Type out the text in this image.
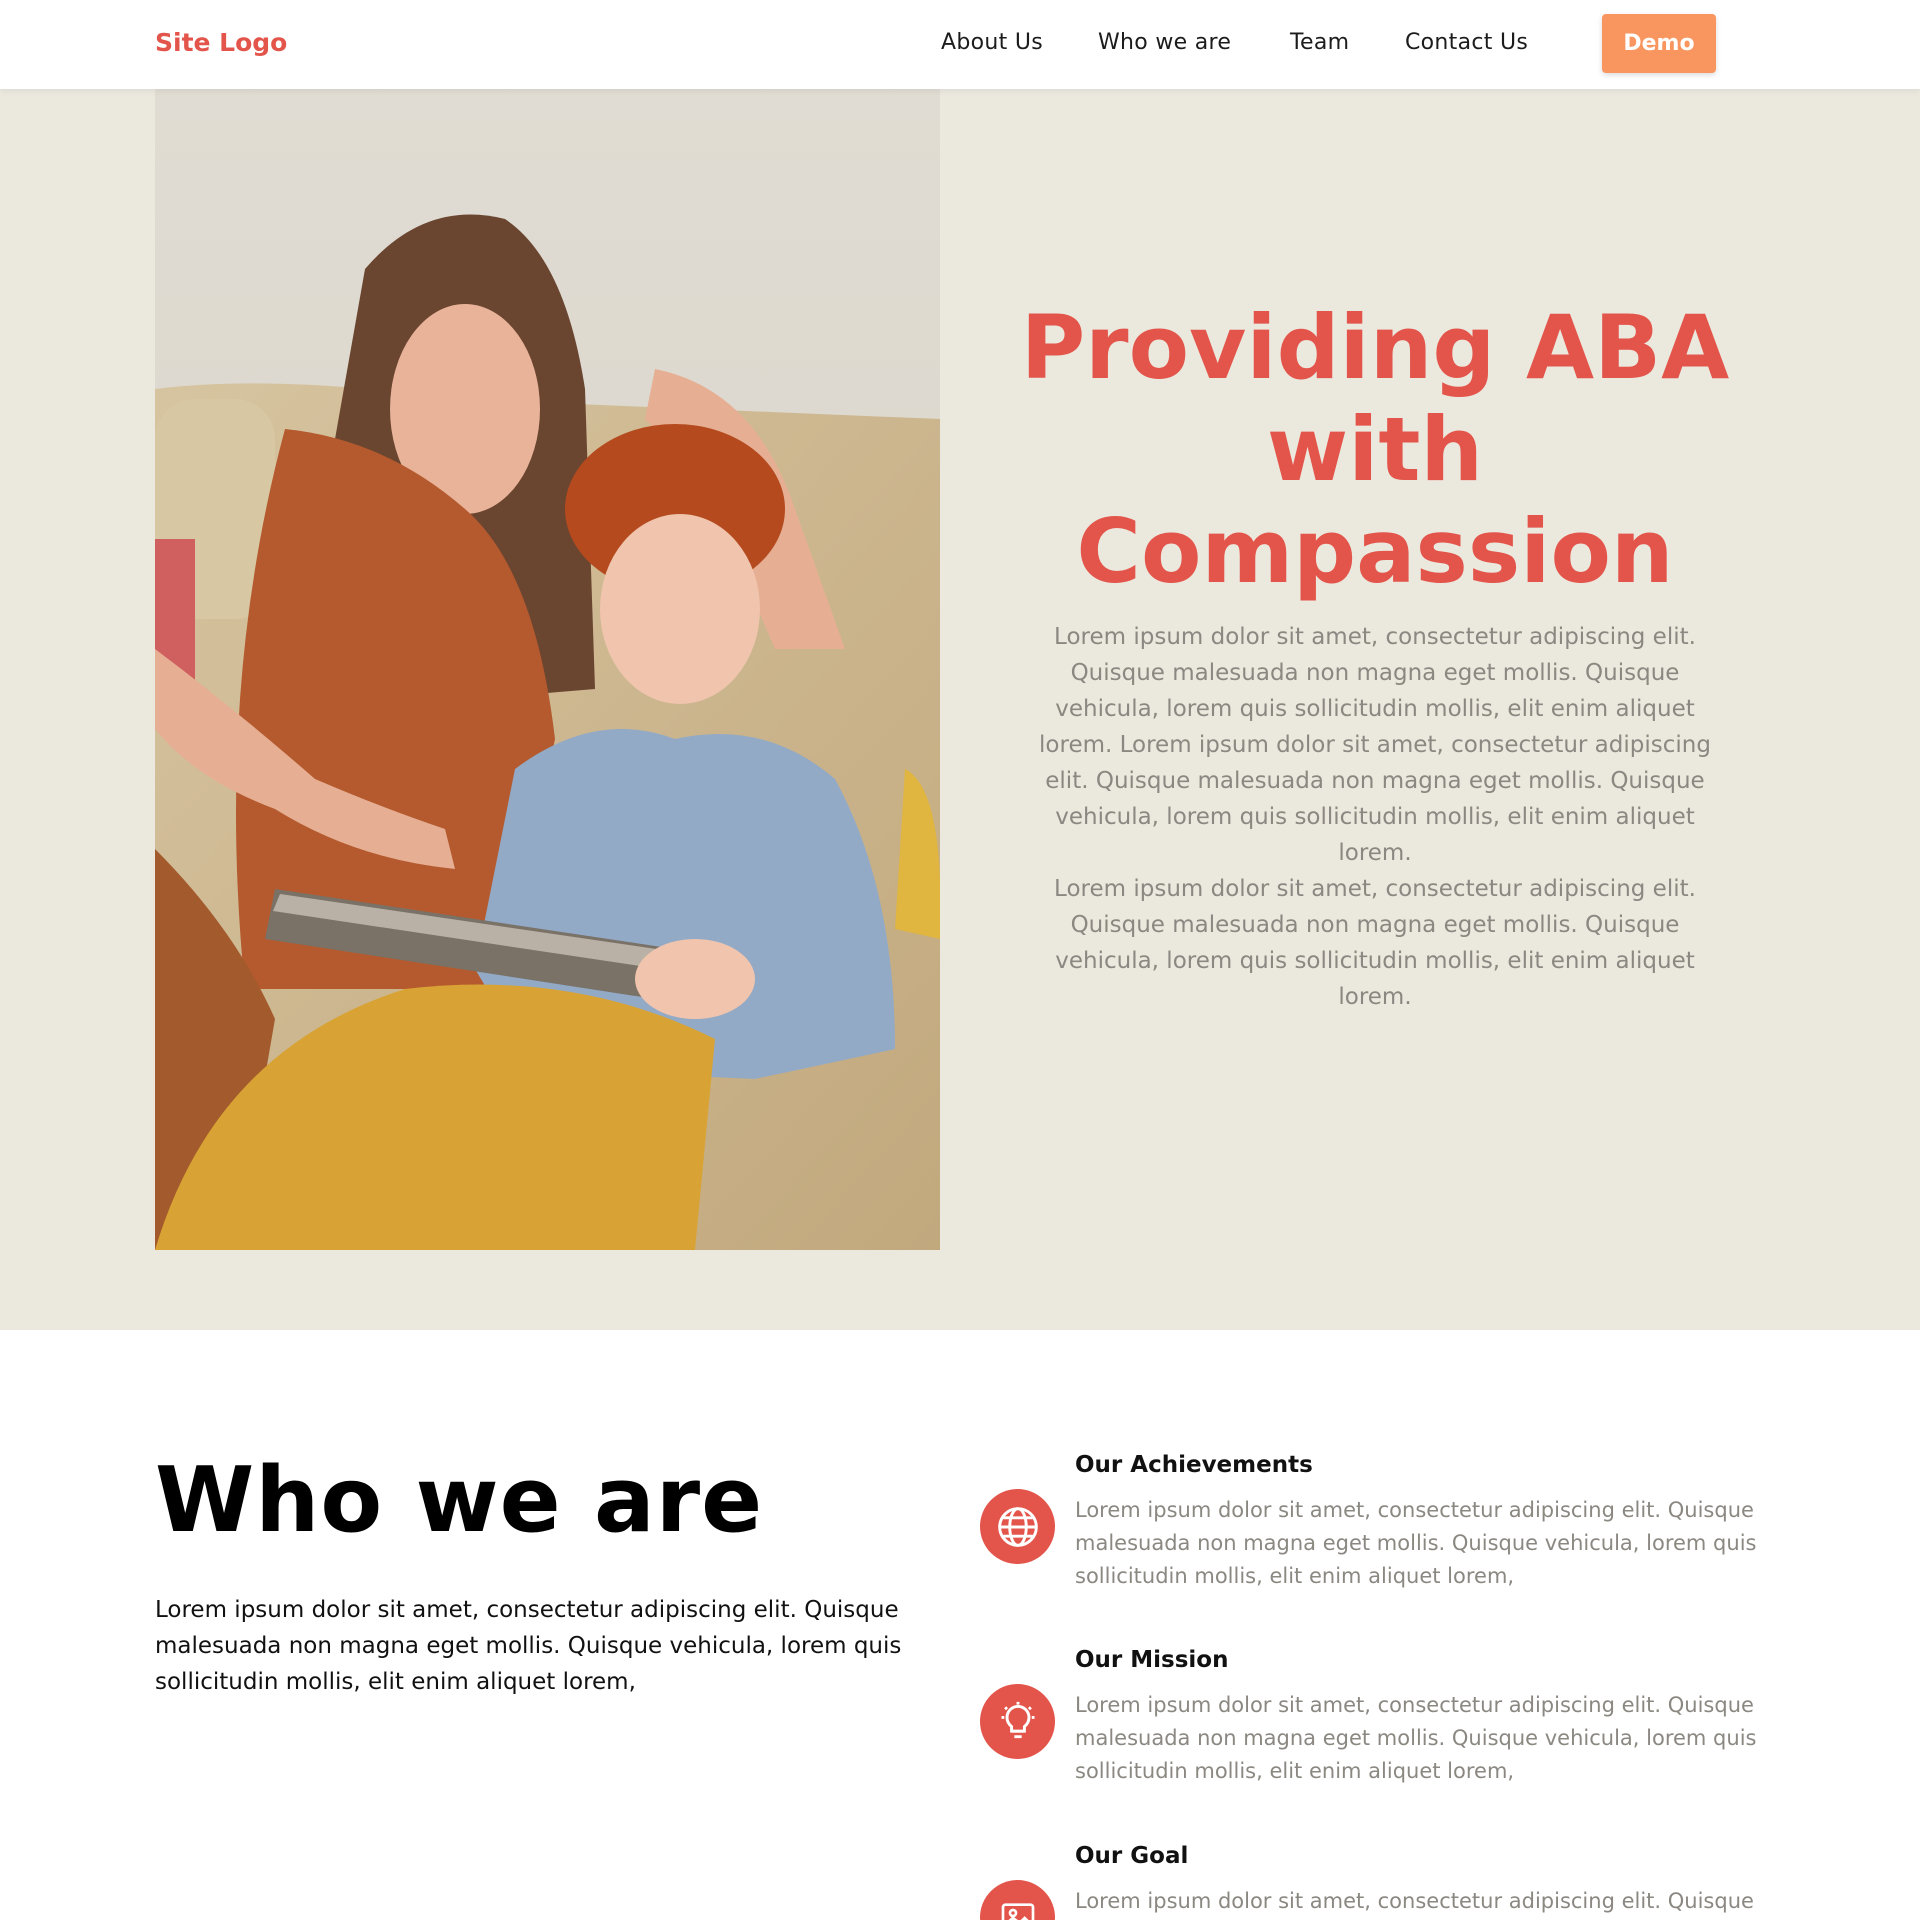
Site Logo	About Us Who we are	Team	Contact Us	Demo
Providing ABA
with
Compassion

Lorem ipsum dolor sit amet, consectetur adipiscing elit. Quisque malesuada non magna eget mollis. Quisque vehicula, lorem quis sollicitudin mollis, elit enim aliquet lorem. Lorem ipsum dolor sit amet, consectetur adipiscing elit. Quisque malesuada non magna eget mollis. Quisque vehicula, lorem quis sollicitudin mollis, elit enim aliquet lorem.

Lorem ipsum dolor sit amet, consectetur adipiscing elit. Quisque malesuada non magna eget mollis. Quisque vehicula, lorem quis sollicitudin mollis, elit enim aliquet lorem.

Who we are

Lorem ipsum dolor sit amet, consectetur adipiscing elit. Quisque malesuada non magna eget mollis. Quisque vehicula, lorem quis sollicitudin mollis, elit enim aliquet lorem,

Our Achievements

Lorem ipsum dolor sit amet, consectetur adipiscing elit. Quisque malesuada non magna eget mollis. Quisque vehicula, lorem quis sollicitudin mollis, elit enim aliquet lorem,

Our Mission

Lorem ipsum dolor sit amet, consectetur adipiscing elit. Quisque malesuada non magna eget mollis. Quisque vehicula, lorem quis sollicitudin mollis, elit enim aliquet lorem,

Our Goal

Lorem ipsum dolor sit amet, consectetur adipiscing elit. Quisque
